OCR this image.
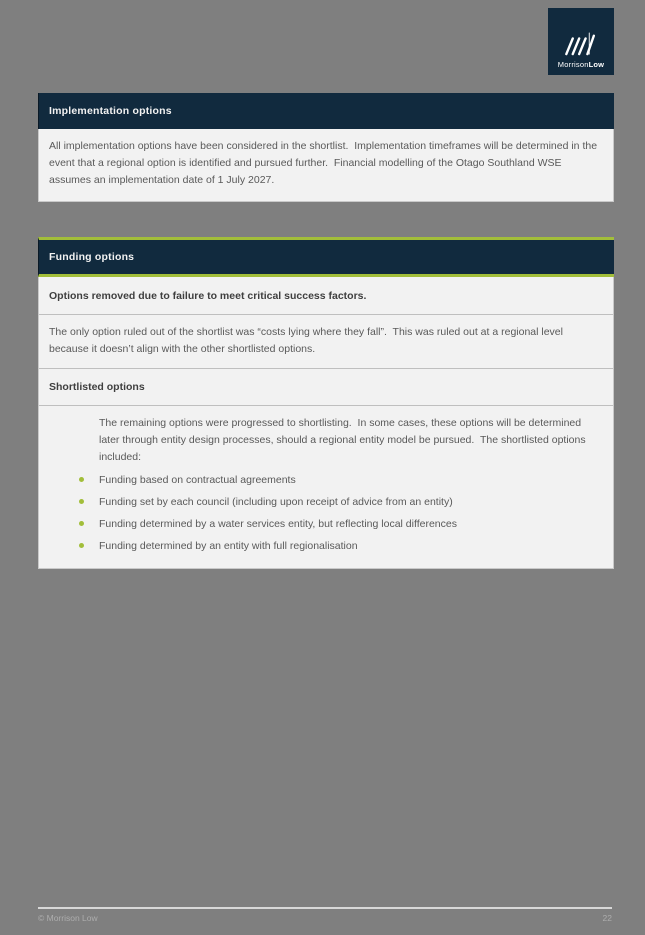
MorrisonLow
Implementation options
All implementation options have been considered in the shortlist.  Implementation timeframes will be determined in the event that a regional option is identified and pursued further.  Financial modelling of the Otago Southland WSE assumes an implementation date of 1 July 2027.
Funding options
Options removed due to failure to meet critical success factors.
The only option ruled out of the shortlist was “costs lying where they fall”.  This was ruled out at a regional level because it doesn’t align with the other shortlisted options.
Shortlisted options
The remaining options were progressed to shortlisting.  In some cases, these options will be determined later through entity design processes, should a regional entity model be pursued.  The shortlisted options included:
Funding based on contractual agreements
Funding set by each council (including upon receipt of advice from an entity)
Funding determined by a water services entity, but reflecting local differences
Funding determined by an entity with full regionalisation
© Morrison Low	22
